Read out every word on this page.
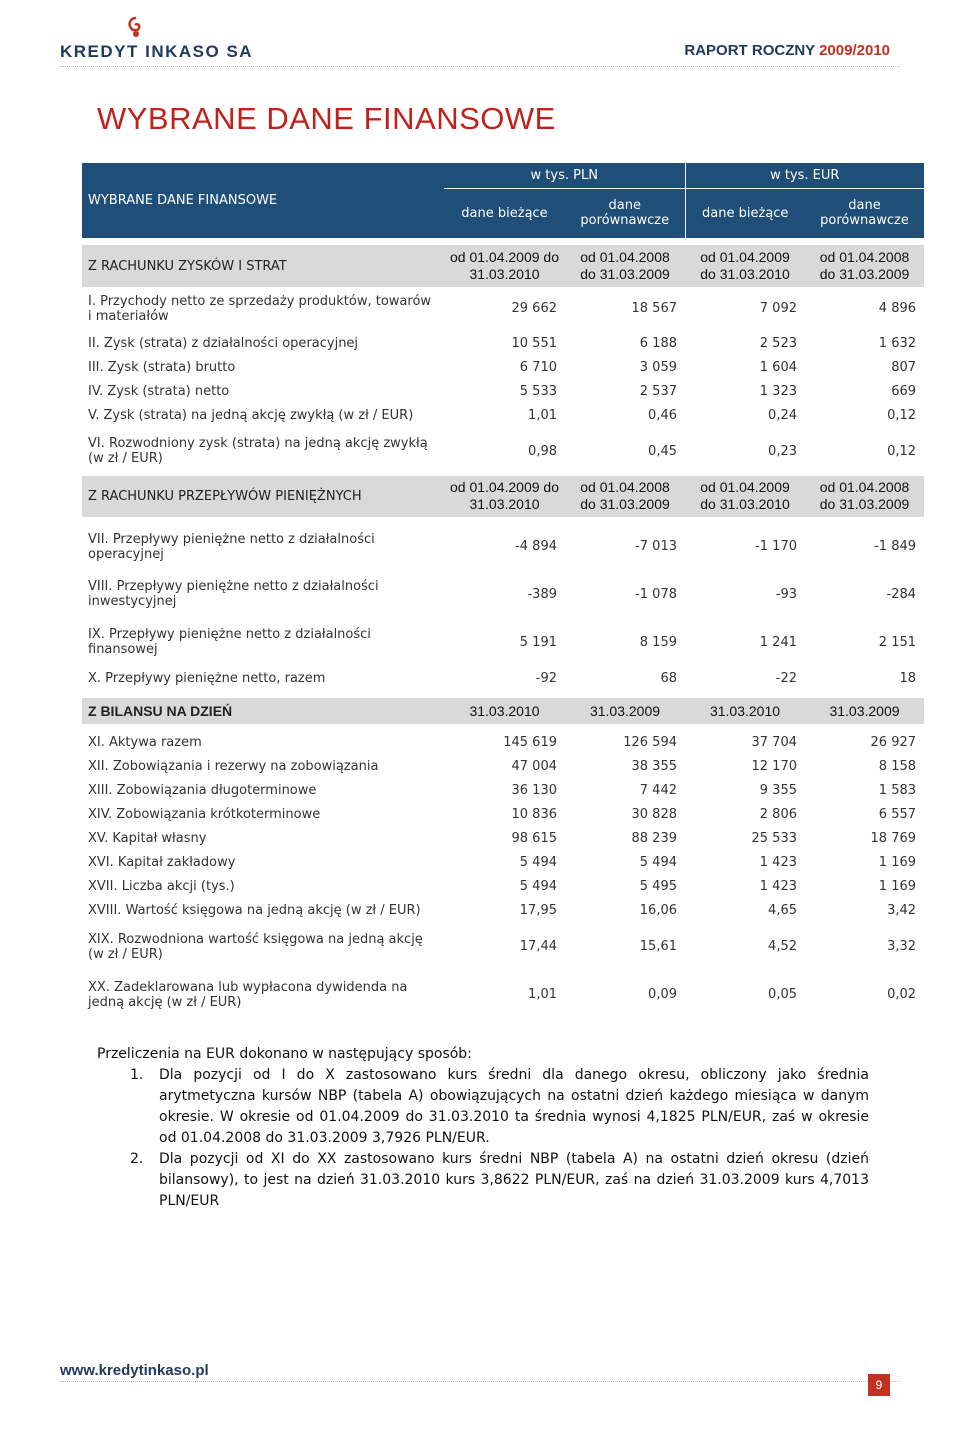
KREDYT INKASO SA	RAPORT ROCZNY 2009/2010
WYBRANE DANE FINANSOWE
WYBRANE DANE FINANSOWE	w tys. PLN		w tys. EUR	
	dane bieżące	dane porównawcze	dane bieżące	dane porównawcze

Z RACHUNKU ZYSKÓW I STRAT	od 01.04.2009 do 31.03.2010	od 01.04.2008 do 31.03.2009	od 01.04.2009 do 31.03.2010	od 01.04.2008 do 31.03.2009
I. Przychody netto ze sprzedaży produktów, towarów i materiałów	29 662	18 567	7 092	4 896
II. Zysk (strata) z działalności operacyjnej	10 551	6 188	2 523	1 632
III. Zysk (strata) brutto	6 710	3 059	1 604	807
IV. Zysk (strata) netto	5 533	2 537	1 323	669
V. Zysk (strata) na jedną akcję zwykłą (w zł / EUR)	1,01	0,46	0,24	0,12
VI. Rozwodniony zysk (strata) na jedną akcję zwykłą (w zł / EUR)	0,98	0,45	0,23	0,12
Z RACHUNKU PRZEPŁYWÓW PIENIĘŻNYCH	od 01.04.2009 do 31.03.2010	od 01.04.2008 do 31.03.2009	od 01.04.2009 do 31.03.2010	od 01.04.2008 do 31.03.2009

VII. Przepływy pieniężne netto z działalności operacyjnej	-4 894	-7 013	-1 170	-1 849
VIII. Przepływy pieniężne netto z działalności inwestycyjnej	-389	-1 078	-93	-284
IX. Przepływy pieniężne netto z działalności finansowej	5 191	8 159	1 241	2 151
X. Przepływy pieniężne netto, razem	-92	68	-22	18

Z BILANSU NA DZIEŃ	31.03.2010	31.03.2009	31.03.2010	31.03.2009

XI. Aktywa razem	145 619	126 594	37 704	26 927
XII. Zobowiązania i rezerwy na zobowiązania	47 004	38 355	12 170	8 158
XIII. Zobowiązania długoterminowe	36 130	7 442	9 355	1 583
XIV. Zobowiązania krótkoterminowe	10 836	30 828	2 806	6 557
XV. Kapitał własny	98 615	88 239	25 533	18 769
XVI. Kapitał zakładowy	5 494	5 494	1 423	1 169
XVII. Liczba akcji (tys.)	5 494	5 495	1 423	1 169
XVIII. Wartość księgowa na jedną akcję (w zł / EUR)	17,95	16,06	4,65	3,42
XIX. Rozwodniona wartość księgowa na jedną akcję (w zł / EUR)	17,44	15,61	4,52	3,32
XX. Zadeklarowana lub wypłacona dywidenda na jedną akcję (w zł / EUR)	1,01	0,09	0,05	0,02

Przeliczenia na EUR dokonano w następujący sposób:

1. Dla pozycji od I do X zastosowano kurs średni dla danego okresu, obliczony jako średnia arytmetyczna kursów NBP (tabela A) obowiązujących na ostatni dzień każdego miesiąca w danym okresie. W okresie od 01.04.2009 do 31.03.2010 ta średnia wynosi 4,1825 PLN/EUR, zaś w okresie od 01.04.2008 do 31.03.2009 3,7926 PLN/EUR.
2. Dla pozycji od XI do XX zastosowano kurs średni NBP (tabela A) na ostatni dzień okresu (dzień bilansowy), to jest na dzień 31.03.2010 kurs 3,8622 PLN/EUR, zaś na dzień 31.03.2009 kurs 4,7013 PLN/EUR
www.kredytinkaso.pl
9
